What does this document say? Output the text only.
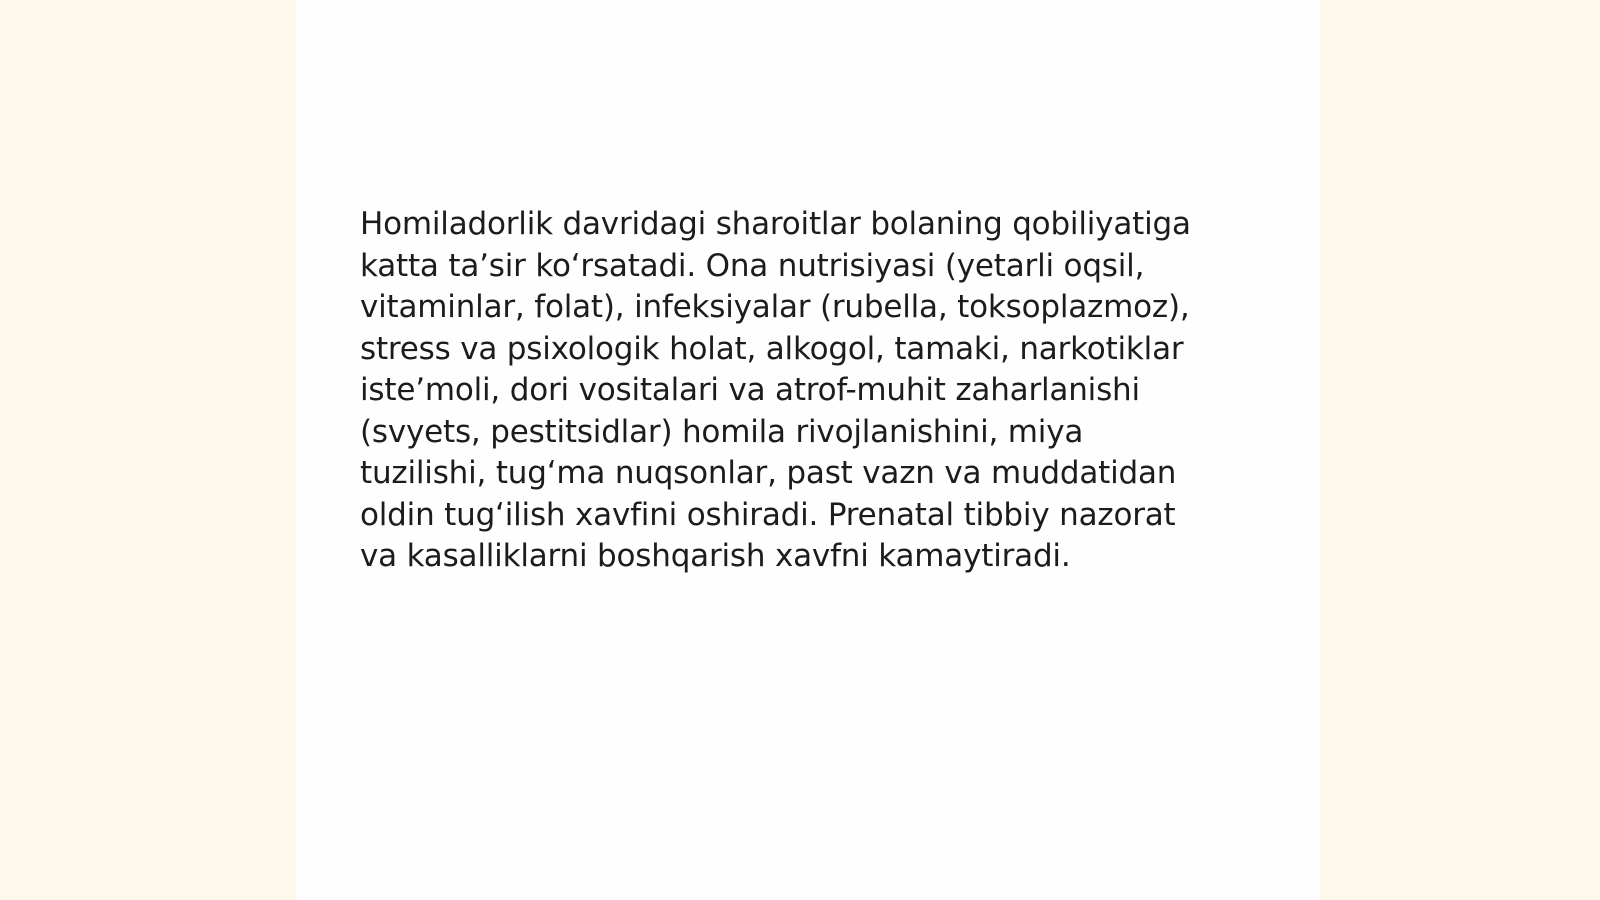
Homiladorlik davridagi sharoitlar bolaning qobiliyatiga katta ta’sir ko‘rsatadi. Ona nutrisiyasi (yetarli oqsil, vitaminlar, folat), infeksiyalar (rubella, toksoplazmoz), stress va psixologik holat, alkogol, tamaki, narkotiklar iste’moli, dori vositalari va atrof-muhit zaharlanishi (svyets, pestitsidlar) homila rivojlanishini, miya tuzilishi, tug‘ma nuqsonlar, past vazn va muddatidan oldin tug‘ilish xavfini oshiradi. Prenatal tibbiy nazorat va kasalliklarni boshqarish xavfni kamaytiradi.
